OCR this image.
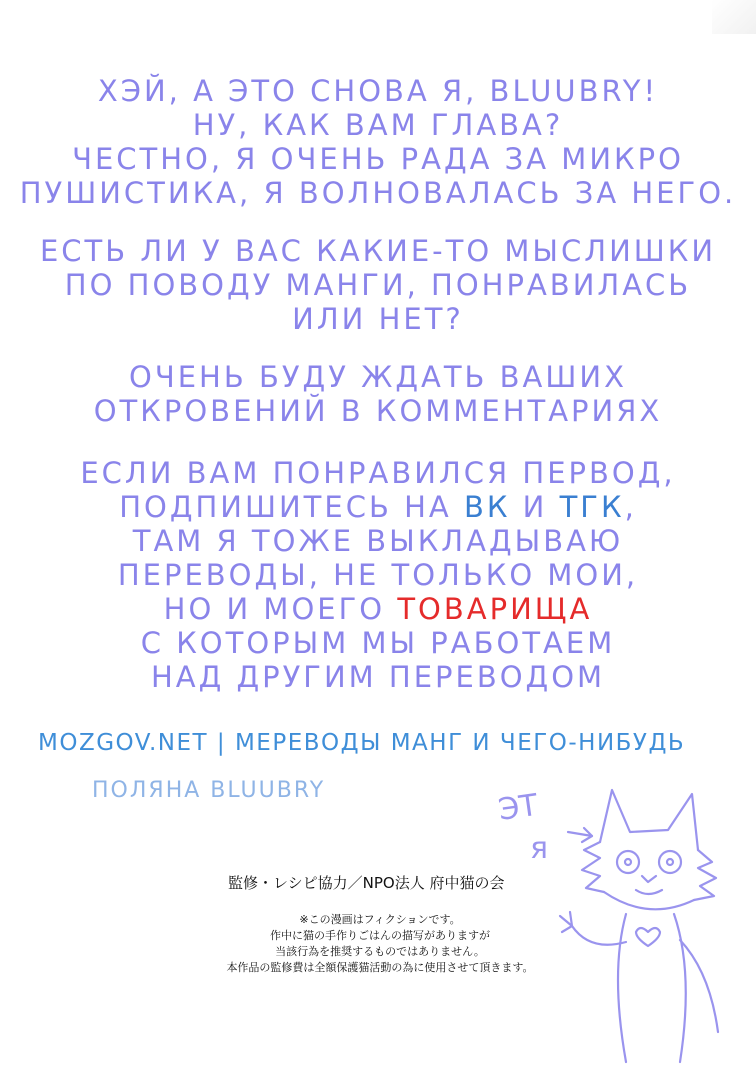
ХЭЙ, А ЭТО СНОВА Я, BLUUBRY!
НУ, КАК ВАМ ГЛАВА?
ЧЕСТНО, Я ОЧЕНЬ РАДА ЗА МИКРО
ПУШИСТИКА, Я ВОЛНОВАЛАСЬ ЗА НЕГО.
ЕСТЬ ЛИ У ВАС КАКИЕ-ТО МЫСЛИШКИ
ПО ПОВОДУ МАНГИ, ПОНРАВИЛАСЬ
ИЛИ НЕТ?
ОЧЕНЬ БУДУ ЖДАТЬ ВАШИХ
ОТКРОВЕНИЙ В КОММЕНТАРИЯХ
ЕСЛИ ВАМ ПОНРАВИЛСЯ ПЕРВОД,
ПОДПИШИТЕСЬ НА ВК И ТГК,
ТАМ Я ТОЖЕ ВЫКЛАДЫВАЮ
ПЕРЕВОДЫ, НЕ ТОЛЬКО МОИ,
НО И МОЕГО ТОВАРИЩА
С КОТОРЫМ МЫ РАБОТАЕМ
НАД ДРУГИМ ПЕРЕВОДОМ
MOZGOV.NET | МЕРЕВОДЫ МАНГ И ЧЕГО-НИБУДЬ
ПОЛЯНА BLUUBRY	ЭТ
я
監修・レシピ協力／NPO法人 府中猫の会
※この漫画はフィクションです。
作中に猫の手作りごはんの描写がありますが
当該行為を推奨するものではありません。
本作品の監修費は全額保護猫活動の為に使用させて頂きます。
